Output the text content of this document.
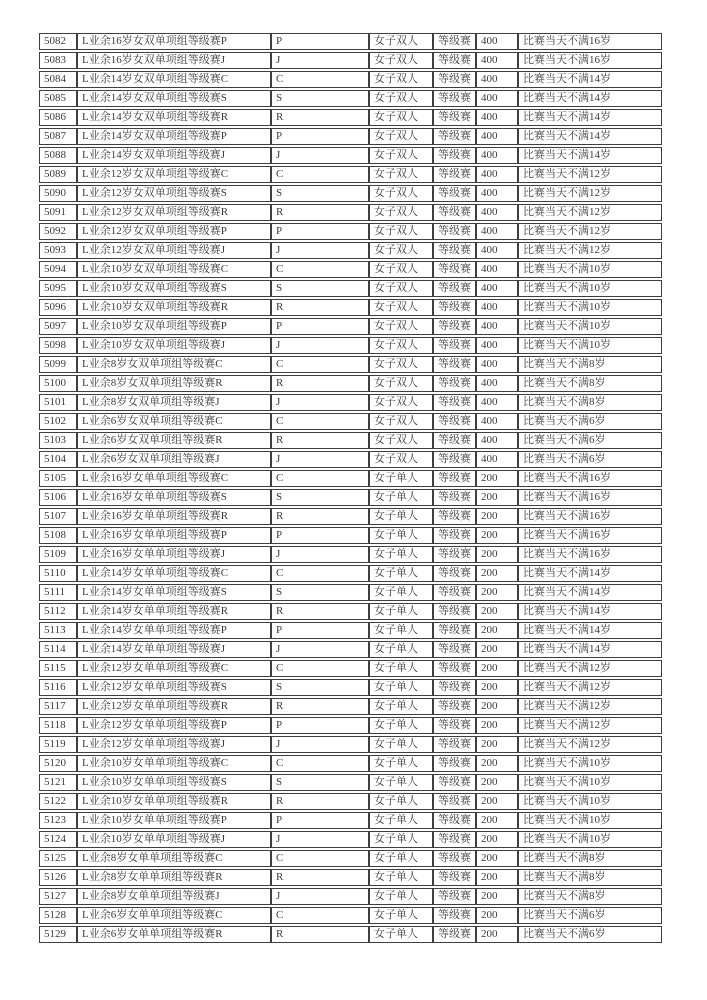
5082	L业余16岁女双单项组等级赛P	P	女子双人	等级赛	400	比赛当天不满16岁
5083	L业余16岁女双单项组等级赛J	J	女子双人	等级赛	400	比赛当天不满16岁
5084	L业余14岁女双单项组等级赛C	C	女子双人	等级赛	400	比赛当天不满14岁
5085	L业余14岁女双单项组等级赛S	S	女子双人	等级赛	400	比赛当天不满14岁
5086	L业余14岁女双单项组等级赛R	R	女子双人	等级赛	400	比赛当天不满14岁
5087	L业余14岁女双单项组等级赛P	P	女子双人	等级赛	400	比赛当天不满14岁
5088	L业余14岁女双单项组等级赛J	J	女子双人	等级赛	400	比赛当天不满14岁
5089	L业余12岁女双单项组等级赛C	C	女子双人	等级赛	400	比赛当天不满12岁
5090	L业余12岁女双单项组等级赛S	S	女子双人	等级赛	400	比赛当天不满12岁
5091	L业余12岁女双单项组等级赛R	R	女子双人	等级赛	400	比赛当天不满12岁
5092	L业余12岁女双单项组等级赛P	P	女子双人	等级赛	400	比赛当天不满12岁
5093	L业余12岁女双单项组等级赛J	J	女子双人	等级赛	400	比赛当天不满12岁
5094	L业余10岁女双单项组等级赛C	C	女子双人	等级赛	400	比赛当天不满10岁
5095	L业余10岁女双单项组等级赛S	S	女子双人	等级赛	400	比赛当天不满10岁
5096	L业余10岁女双单项组等级赛R	R	女子双人	等级赛	400	比赛当天不满10岁
5097	L业余10岁女双单项组等级赛P	P	女子双人	等级赛	400	比赛当天不满10岁
5098	L业余10岁女双单项组等级赛J	J	女子双人	等级赛	400	比赛当天不满10岁
5099	L业余8岁女双单项组等级赛C	C	女子双人	等级赛	400	比赛当天不满8岁
5100	L业余8岁女双单项组等级赛R	R	女子双人	等级赛	400	比赛当天不满8岁
5101	L业余8岁女双单项组等级赛J	J	女子双人	等级赛	400	比赛当天不满8岁
5102	L业余6岁女双单项组等级赛C	C	女子双人	等级赛	400	比赛当天不满6岁
5103	L业余6岁女双单项组等级赛R	R	女子双人	等级赛	400	比赛当天不满6岁
5104	L业余6岁女双单项组等级赛J	J	女子双人	等级赛	400	比赛当天不满6岁
5105	L业余16岁女单单项组等级赛C	C	女子单人	等级赛	200	比赛当天不满16岁
5106	L业余16岁女单单项组等级赛S	S	女子单人	等级赛	200	比赛当天不满16岁
5107	L业余16岁女单单项组等级赛R	R	女子单人	等级赛	200	比赛当天不满16岁
5108	L业余16岁女单单项组等级赛P	P	女子单人	等级赛	200	比赛当天不满16岁
5109	L业余16岁女单单项组等级赛J	J	女子单人	等级赛	200	比赛当天不满16岁
5110	L业余14岁女单单项组等级赛C	C	女子单人	等级赛	200	比赛当天不满14岁
5111	L业余14岁女单单项组等级赛S	S	女子单人	等级赛	200	比赛当天不满14岁
5112	L业余14岁女单单项组等级赛R	R	女子单人	等级赛	200	比赛当天不满14岁
5113	L业余14岁女单单项组等级赛P	P	女子单人	等级赛	200	比赛当天不满14岁
5114	L业余14岁女单单项组等级赛J	J	女子单人	等级赛	200	比赛当天不满14岁
5115	L业余12岁女单单项组等级赛C	C	女子单人	等级赛	200	比赛当天不满12岁
5116	L业余12岁女单单项组等级赛S	S	女子单人	等级赛	200	比赛当天不满12岁
5117	L业余12岁女单单项组等级赛R	R	女子单人	等级赛	200	比赛当天不满12岁
5118	L业余12岁女单单项组等级赛P	P	女子单人	等级赛	200	比赛当天不满12岁
5119	L业余12岁女单单项组等级赛J	J	女子单人	等级赛	200	比赛当天不满12岁
5120	L业余10岁女单单项组等级赛C	C	女子单人	等级赛	200	比赛当天不满10岁
5121	L业余10岁女单单项组等级赛S	S	女子单人	等级赛	200	比赛当天不满10岁
5122	L业余10岁女单单项组等级赛R	R	女子单人	等级赛	200	比赛当天不满10岁
5123	L业余10岁女单单项组等级赛P	P	女子单人	等级赛	200	比赛当天不满10岁
5124	L业余10岁女单单项组等级赛J	J	女子单人	等级赛	200	比赛当天不满10岁
5125	L业余8岁女单单项组等级赛C	C	女子单人	等级赛	200	比赛当天不满8岁
5126	L业余8岁女单单项组等级赛R	R	女子单人	等级赛	200	比赛当天不满8岁
5127	L业余8岁女单单项组等级赛J	J	女子单人	等级赛	200	比赛当天不满8岁
5128	L业余6岁女单单项组等级赛C	C	女子单人	等级赛	200	比赛当天不满6岁
5129	L业余6岁女单单项组等级赛R	R	女子单人	等级赛	200	比赛当天不满6岁
